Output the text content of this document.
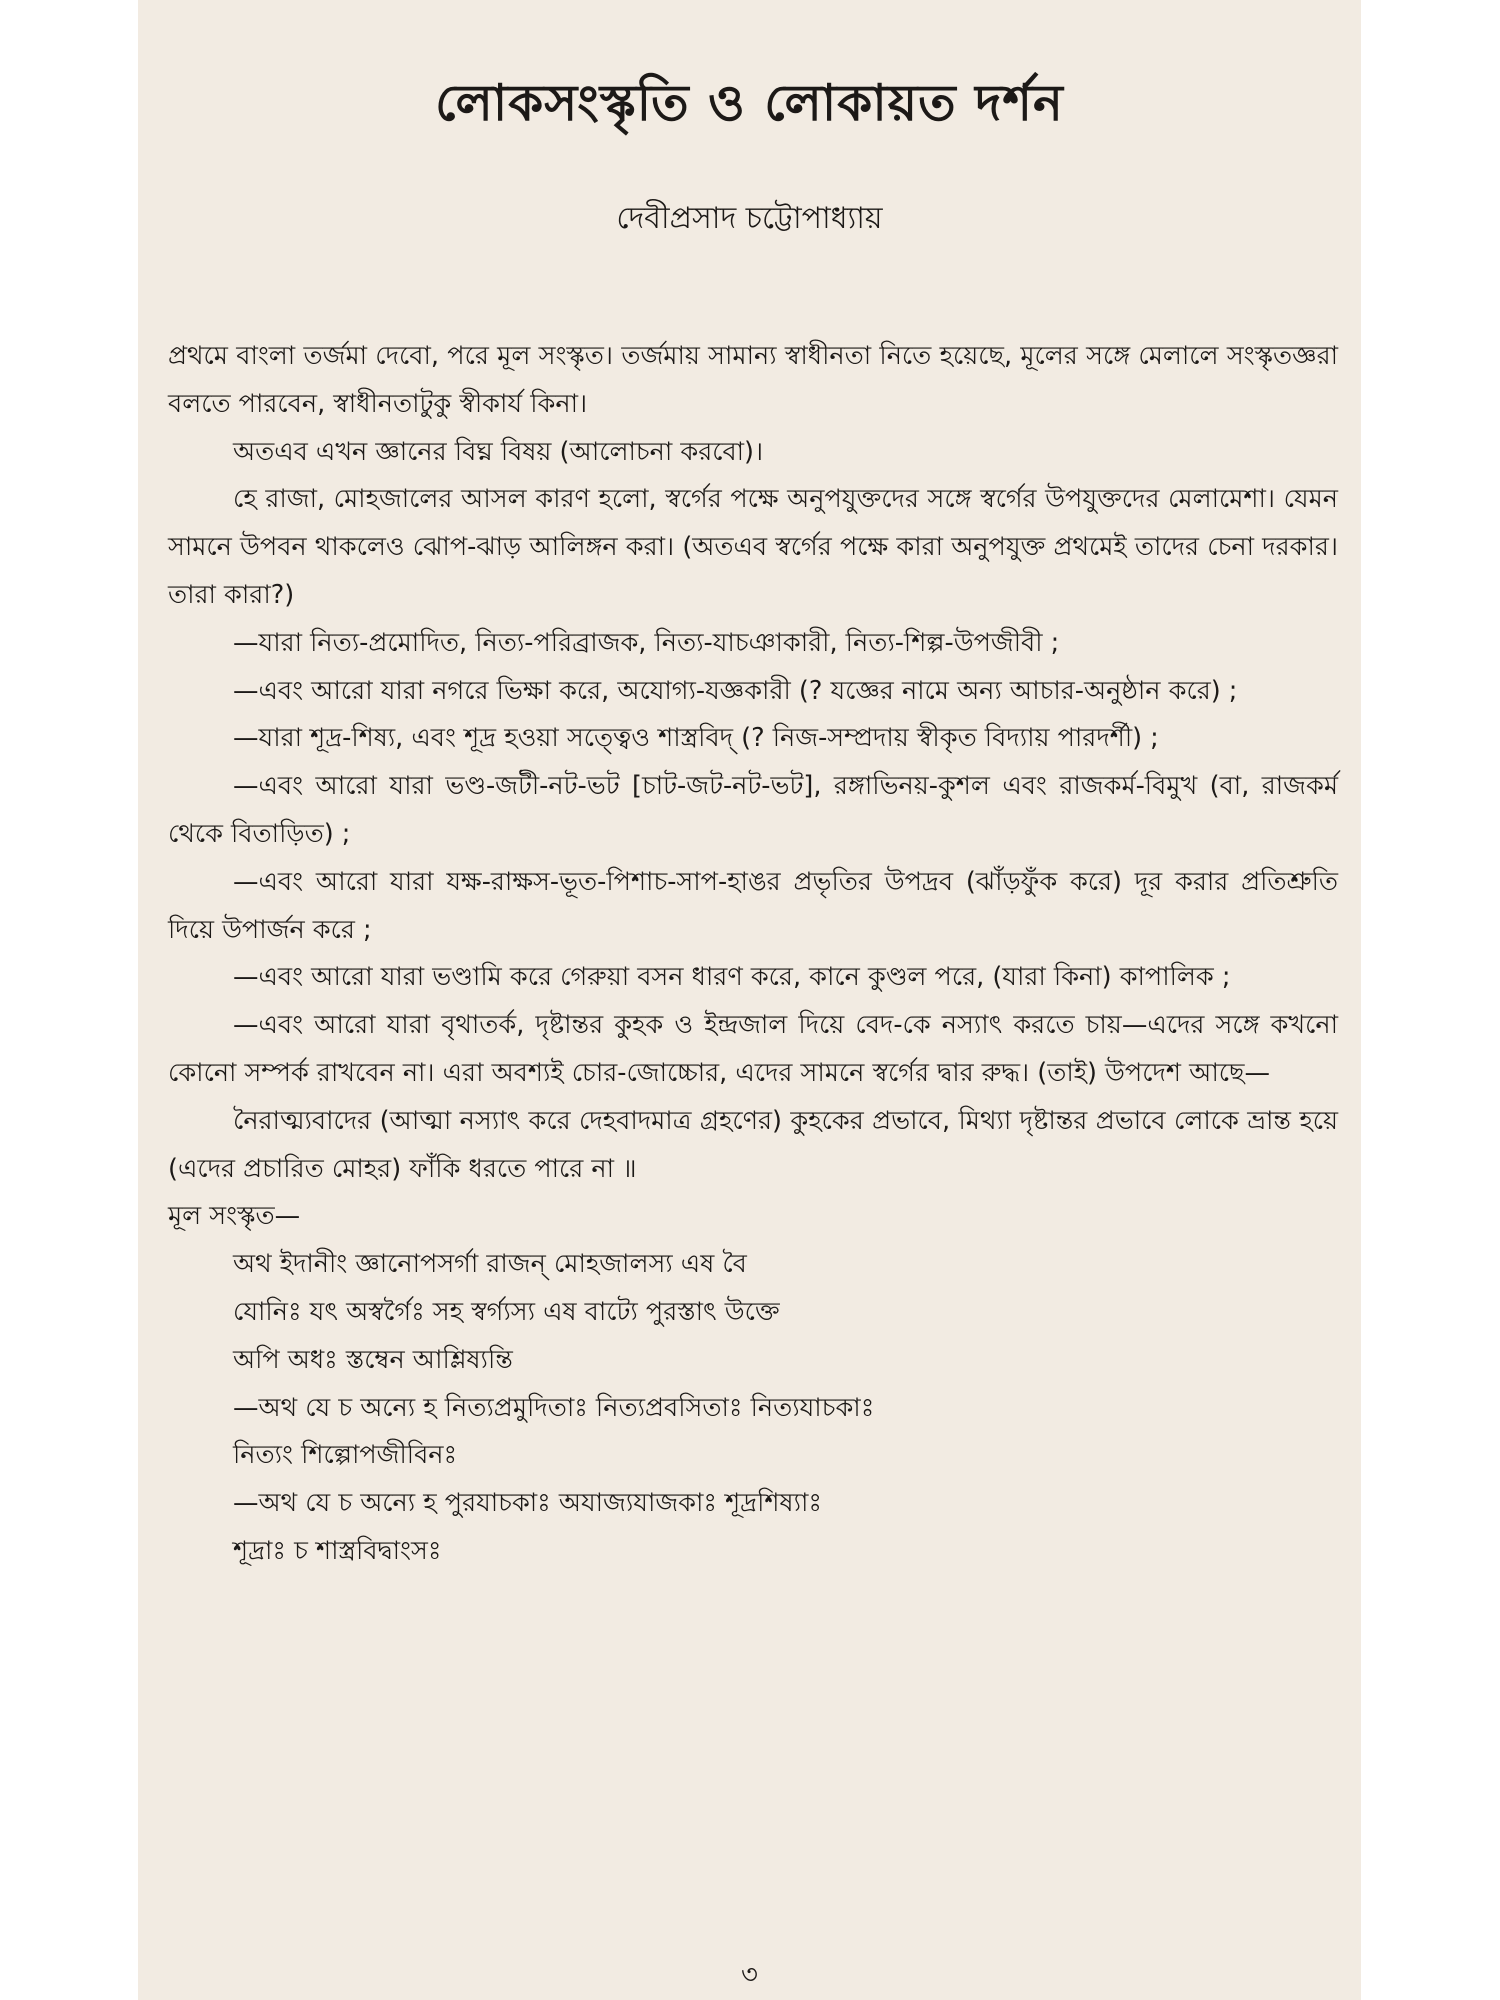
লোকসংস্কৃতি ও লোকায়ত দর্শন
দেবীপ্রসাদ চট্টোপাধ্যায়

প্রথমে বাংলা তর্জমা দেবো, পরে মূল সংস্কৃত। তর্জমায় সামান্য স্বাধীনতা নিতে হয়েছে, মূলের সঙ্গে মেলালে সংস্কৃতজ্ঞরা বলতে পারবেন, স্বাধীনতাটুকু স্বীকার্য কিনা।

অতএব এখন জ্ঞানের বিঘ্ন বিষয় (আলোচনা করবো)।

হে রাজা, মোহজালের আসল কারণ হলো, স্বর্গের পক্ষে অনুপযুক্তদের সঙ্গে স্বর্গের উপযুক্তদের মেলামেশা। যেমন সামনে উপবন থাকলেও ঝোপ-ঝাড় আলিঙ্গন করা। (অতএব স্বর্গের পক্ষে কারা অনুপযুক্ত প্রথমেই তাদের চেনা দরকার। তারা কারা?)

—যারা নিত্য-প্রমোদিত, নিত্য-পরিব্রাজক, নিত্য-যাচঞাকারী, নিত্য-শিল্প-উপজীবী ;

—এবং আরো যারা নগরে ভিক্ষা করে, অযোগ্য-যজ্ঞকারী (? যজ্ঞের নামে অন্য আচার-অনুষ্ঠান করে) ;

—যারা শূদ্র-শিষ্য, এবং শূদ্র হওয়া সত্ত্বেও শাস্ত্রবিদ্ (? নিজ-সম্প্রদায় স্বীকৃত বিদ্যায় পারদর্শী) ;

—এবং আরো যারা ভণ্ড-জটী-নট-ভট [চাট-জট-নট-ভট], রঙ্গাভিনয়-কুশল এবং রাজকর্ম-বিমুখ (বা, রাজকর্ম থেকে বিতাড়িত) ;

—এবং আরো যারা যক্ষ-রাক্ষস-ভূত-পিশাচ-সাপ-হাঙর প্রভৃতির উপদ্রব (ঝাঁড়ফুঁক করে) দূর করার প্রতিশ্রুতি দিয়ে উপার্জন করে ;

—এবং আরো যারা ভণ্ডামি করে গেরুয়া বসন ধারণ করে, কানে কুণ্ডল পরে, (যারা কিনা) কাপালিক ;

—এবং আরো যারা বৃথাতর্ক, দৃষ্টান্তর কুহক ও ইন্দ্রজাল দিয়ে বেদ-কে নস্যাৎ করতে চায়—এদের সঙ্গে কখনো কোনো সম্পর্ক রাখবেন না। এরা অবশ্যই চোর-জোচ্চোর, এদের সামনে স্বর্গের দ্বার রুদ্ধ। (তাই) উপদেশ আছে—

নৈরাত্ম্যবাদের (আত্মা নস্যাৎ করে দেহবাদমাত্র গ্রহণের) কুহকের প্রভাবে, মিথ্যা দৃষ্টান্তর প্রভাবে লোকে ভ্রান্ত হয়ে (এদের প্রচারিত মোহর) ফাঁকি ধরতে পারে না ॥

মূল সংস্কৃত—

অথ ইদানীং জ্ঞানোপসর্গা রাজন্ মোহজালস্য এষ বৈ

যোনিঃ যৎ অস্বর্গৈঃ সহ স্বর্গ্যস্য এষ বাট্যে পুরস্তাৎ উক্তে

অপি অধঃ স্তম্বেন আশ্লিষ্যন্তি

—অথ যে চ অন্যে হ নিত্যপ্রমুদিতাঃ নিত্যপ্রবসিতাঃ নিত্যযাচকাঃ

নিত্যং শিল্পোপজীবিনঃ

—অথ যে চ অন্যে হ পুরযাচকাঃ অযাজ্যযাজকাঃ শূদ্রশিষ্যাঃ

শূদ্রাঃ চ শাস্ত্রবিদ্বাংসঃ

৩
